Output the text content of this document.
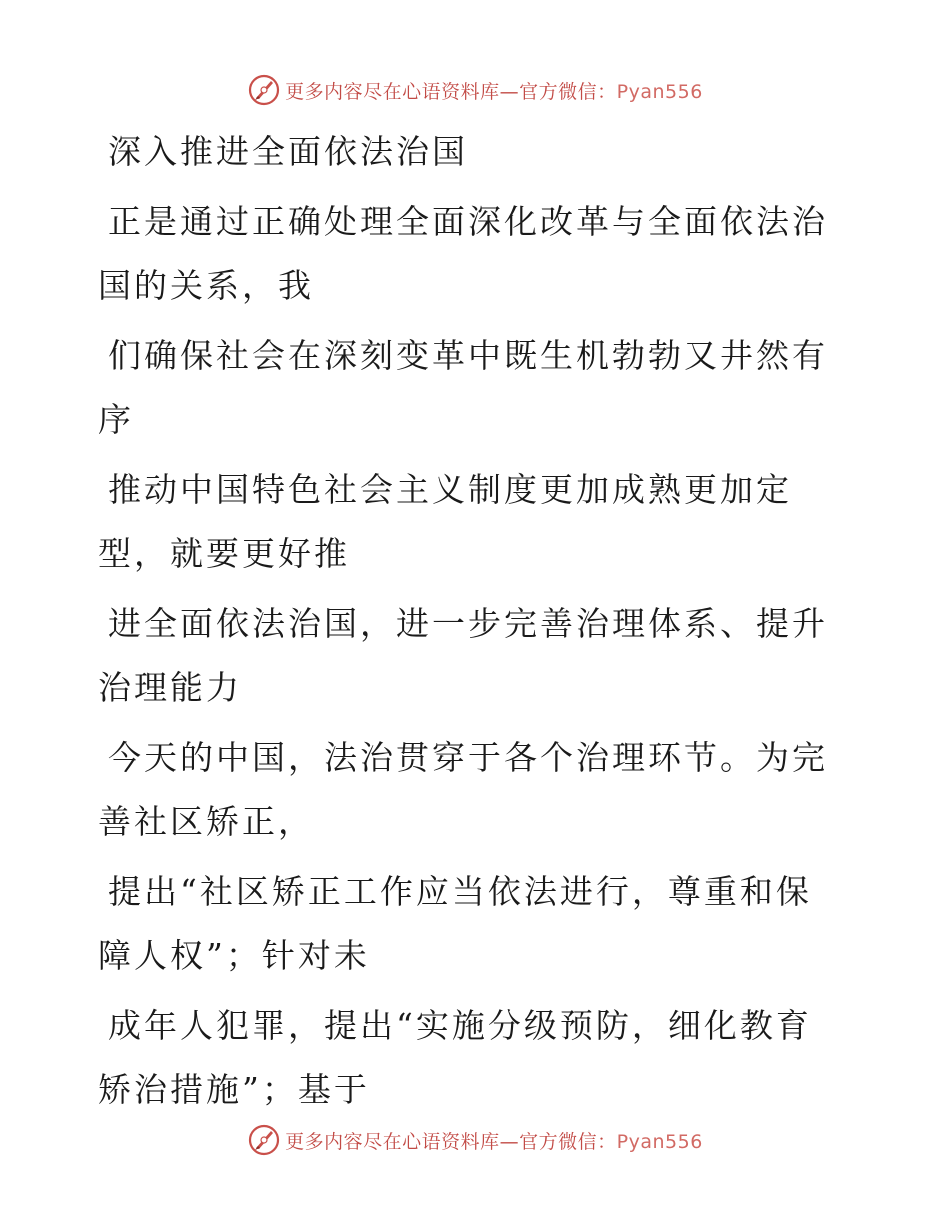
更多内容尽在心语资料库—官方微信：Pyan556

深入推进全面依法治国

正是通过正确处理全面深化改革与全面依法治国的关系，我

们确保社会在深刻变革中既生机勃勃又井然有序

推动中国特色社会主义制度更加成熟更加定型，就要更好推

进全面依法治国，进一步完善治理体系、提升治理能力

今天的中国，法治贯穿于各个治理环节。为完善社区矫正，

提出“社区矫正工作应当依法进行，尊重和保障人权”；针对未

成年人犯罪，提出“实施分级预防，细化教育矫治措施”；基于

更多内容尽在心语资料库—官方微信：Pyan556
